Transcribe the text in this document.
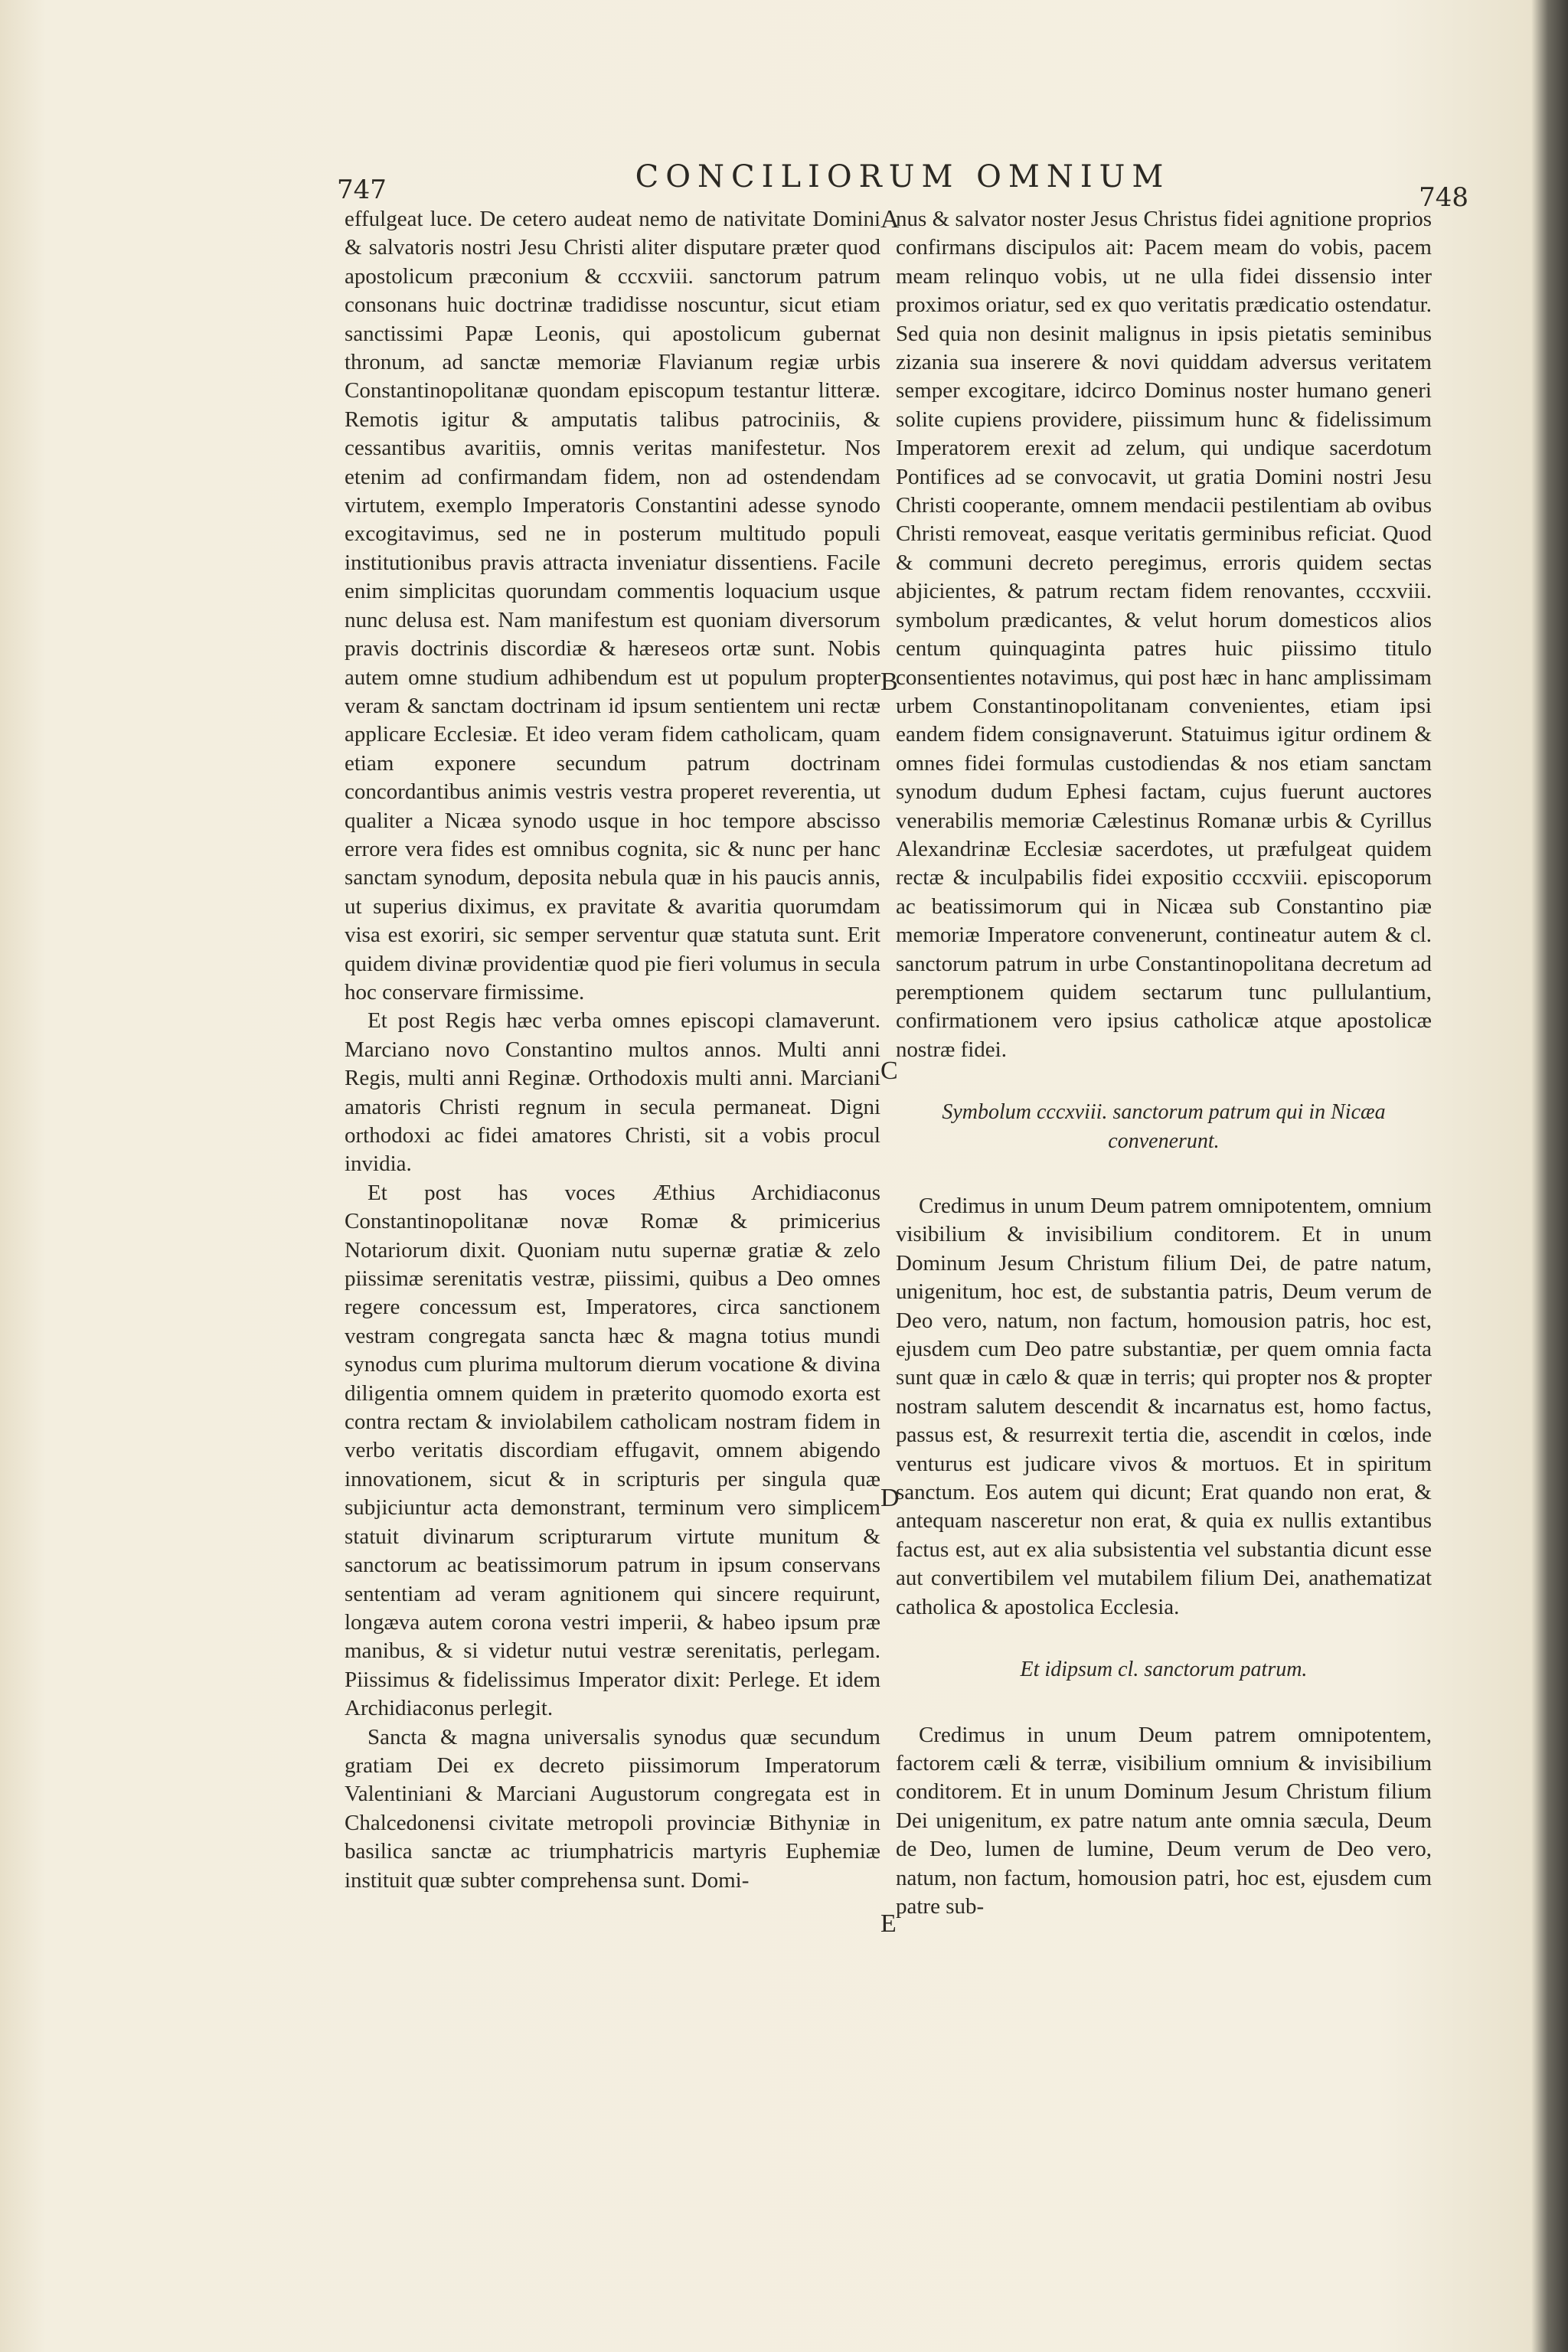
747	CONCILIORUM OMNIUM
748

effulgeat luce. De cetero audeat nemo de nativitate Domini & salvatoris nostri Jesu Christi aliter disputare præter quod apostolicum præconium & cccxviii. sanctorum patrum consonans huic doctrinæ tradidisse noscuntur, sicut etiam sanctissimi Papæ Leonis, qui apostolicum gubernat thronum, ad sanctæ memoriæ Flavianum regiæ urbis Constantinopolitanæ quondam episcopum testantur litteræ. Remotis igitur & amputatis talibus patrociniis, & cessantibus avaritiis, omnis veritas manifestetur. Nos etenim ad confirmandam fidem, non ad ostendendam virtutem, exemplo Imperatoris Constantini adesse synodo excogitavimus, sed ne in posterum multitudo populi institutionibus pravis attracta inveniatur dissentiens. Facile enim simplicitas quorundam commentis loquacium usque nunc delusa est. Nam manifestum est quoniam diversorum pravis doctrinis discordiæ & hæreseos ortæ sunt. Nobis autem omne studium adhibendum est ut populum propter veram & sanctam doctrinam id ipsum sentientem uni rectæ applicare Ecclesiæ. Et ideo veram fidem catholicam, quam etiam exponere secundum patrum doctrinam concordantibus animis vestris vestra properet reverentia, ut qualiter a Nicæa synodo usque in hoc tempore abscisso errore vera fides est omnibus cognita, sic & nunc per hanc sanctam synodum, deposita nebula quæ in his paucis annis, ut superius diximus, ex pravitate & avaritia quorumdam visa est exoriri, sic semper serventur quæ statuta sunt. Erit quidem divinæ providentiæ quod pie fieri volumus in secula hoc conservare firmissime.

Et post Regis hæc verba omnes episcopi clamaverunt. Marciano novo Constantino multos annos. Multi anni Regis, multi anni Reginæ. Orthodoxis multi anni. Marciani amatoris Christi regnum in secula permaneat. Digni orthodoxi ac fidei amatores Christi, sit a vobis procul invidia.

Et post has voces Æthius Archidiaconus Constantinopolitanæ novæ Romæ & primicerius Notariorum dixit. Quoniam nutu supernæ gratiæ & zelo piissimæ serenitatis vestræ, piissimi, quibus a Deo omnes regere concessum est, Imperatores, circa sanctionem vestram congregata sancta hæc & magna totius mundi synodus cum plurima multorum dierum vocatione & divina diligentia omnem quidem in præterito quomodo exorta est contra rectam & inviolabilem catholicam nostram fidem in verbo veritatis discordiam effugavit, omnem abigendo innovationem, sicut & in scripturis per singula quæ subjiciuntur acta demonstrant, terminum vero simplicem statuit divinarum scripturarum virtute munitum & sanctorum ac beatissimorum patrum in ipsum conservans sententiam ad veram agnitionem qui sincere requirunt, longæva autem corona vestri imperii, & habeo ipsum præ manibus, & si videtur nutui vestræ serenitatis, perlegam. Piissimus & fidelissimus Imperator dixit: Perlege. Et idem Archidiaconus perlegit.

Sancta & magna universalis synodus quæ secundum gratiam Dei ex decreto piissimorum Imperatorum Valentiniani & Marciani Augustorum congregata est in Chalcedonensi civitate metropoli provinciæ Bithyniæ in basilica sanctæ ac triumphatricis martyris Euphemiæ instituit quæ subter comprehensa sunt. Domi-

A
B
C
D
E

nus & salvator noster Jesus Christus fidei agnitione proprios confirmans discipulos ait: Pacem meam do vobis, pacem meam relinquo vobis, ut ne ulla fidei dissensio inter proximos oriatur, sed ex quo veritatis prædicatio ostendatur. Sed quia non desinit malignus in ipsis pietatis seminibus zizania sua inserere & novi quiddam adversus veritatem semper excogitare, idcirco Dominus noster humano generi solite cupiens providere, piissimum hunc & fidelissimum Imperatorem erexit ad zelum, qui undique sacerdotum Pontifices ad se convocavit, ut gratia Domini nostri Jesu Christi cooperante, omnem mendacii pestilentiam ab ovibus Christi removeat, easque veritatis germinibus reficiat. Quod & communi decreto peregimus, erroris quidem sectas abjicientes, & patrum rectam fidem renovantes, cccxviii. symbolum prædicantes, & velut horum domesticos alios centum quinquaginta patres huic piissimo titulo consentientes notavimus, qui post hæc in hanc amplissimam urbem Constantinopolitanam convenientes, etiam ipsi eandem fidem consignaverunt. Statuimus igitur ordinem & omnes fidei formulas custodiendas & nos etiam sanctam synodum dudum Ephesi factam, cujus fuerunt auctores venerabilis memoriæ Cælestinus Romanæ urbis & Cyrillus Alexandrinæ Ecclesiæ sacerdotes, ut præfulgeat quidem rectæ & inculpabilis fidei expositio cccxviii. episcoporum ac beatissimorum qui in Nicæa sub Constantino piæ memoriæ Imperatore convenerunt, contineatur autem & cl. sanctorum patrum in urbe Constantinopolitana decretum ad peremptionem quidem sectarum tunc pullulantium, confirmationem vero ipsius catholicæ atque apostolicæ nostræ fidei.

Symbolum cccxviii. sanctorum patrum qui in Nicæa convenerunt.

Credimus in unum Deum patrem omnipotentem, omnium visibilium & invisibilium conditorem. Et in unum Dominum Jesum Christum filium Dei, de patre natum, unigenitum, hoc est, de substantia patris, Deum verum de Deo vero, natum, non factum, homousion patris, hoc est, ejusdem cum Deo patre substantiæ, per quem omnia facta sunt quæ in cælo & quæ in terris; qui propter nos & propter nostram salutem descendit & incarnatus est, homo factus, passus est, & resurrexit tertia die, ascendit in cœlos, inde venturus est judicare vivos & mortuos. Et in spiritum sanctum. Eos autem qui dicunt; Erat quando non erat, & antequam nasceretur non erat, & quia ex nullis extantibus factus est, aut ex alia subsistentia vel substantia dicunt esse aut convertibilem vel mutabilem filium Dei, anathematizat catholica & apostolica Ecclesia.

Et idipsum cl. sanctorum patrum.

Credimus in unum Deum patrem omnipotentem, factorem cæli & terræ, visibilium omnium & invisibilium conditorem. Et in unum Dominum Jesum Christum filium Dei unigenitum, ex patre natum ante omnia sæcula, Deum de Deo, lumen de lumine, Deum verum de Deo vero, natum, non factum, homousion patri, hoc est, ejusdem cum patre sub-
